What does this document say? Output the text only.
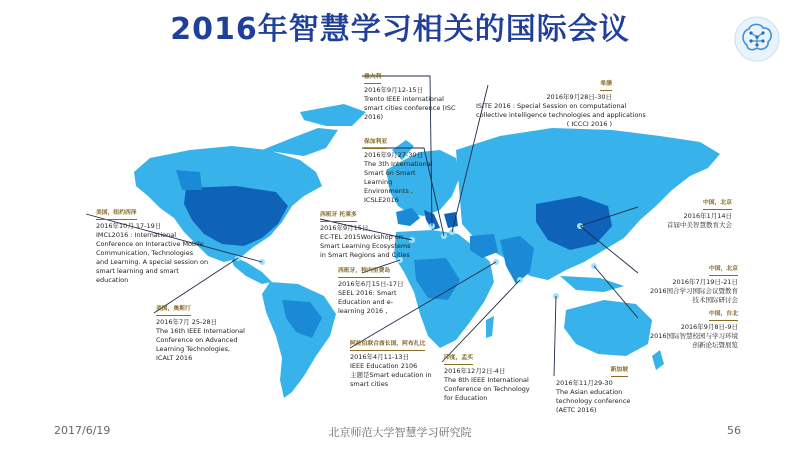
2016年智慧学习相关的国际会议
意大利
2016年9月12-15日
Trento IEEE international
smart cities conference (ISC
2016)
希腊
2016年9月28日-30日
ISITE 2016 : Special Session on computational
collective intelligence technologies and applications
( ICCCI 2016 )
保加利亚
2016年9月27-30日
The 3th International
Smart on Smart
Learning
Environments ,
ICSLE2016
美国，纽约西泽
2016年10月 17-19日
IMCL2016 : International
Conference on Interactive Mobile
Communication, Technologies
and Learning. A special session on
smart learning and smart
education
西班牙 托莱多
2016年9月15日，
EC-TEL 2015Workshop on
Smart Learning Ecosystems
in Smart Regions and Cities
中国，北京
2016年1月14日
首届中美智慧教育大会
西班牙，特内里费岛
2016年6月15日-17日
SEEL 2016: Smart
Education and e-
learning 2016 ,
美国，奥斯汀
2016年7月 25-28日
The 16th IEEE International
Conference on Advanced
Learning Technologies,
ICALT 2016
中国，北京
2016年7月19日-21日
2016国合学习国际会议暨教育
技术国际研讨会
中国，台北
2016年9月8日-9日
2016国际智慧校园与学习环境
创新论坛暨展览
阿拉伯联合酋长国，阿布扎比
2016年4月11-13日
IEEE Education 2106
主题是Smart education in
smart cities
印度，孟买
2016年12月2日-4日
The 8th IEEE International
Conference on Technology
for Education
新加坡
2016年11月29-30
The Asian education
technology conference
(AETC 2016)
2017/6/19	北京师范大学智慧学习研究院	56
